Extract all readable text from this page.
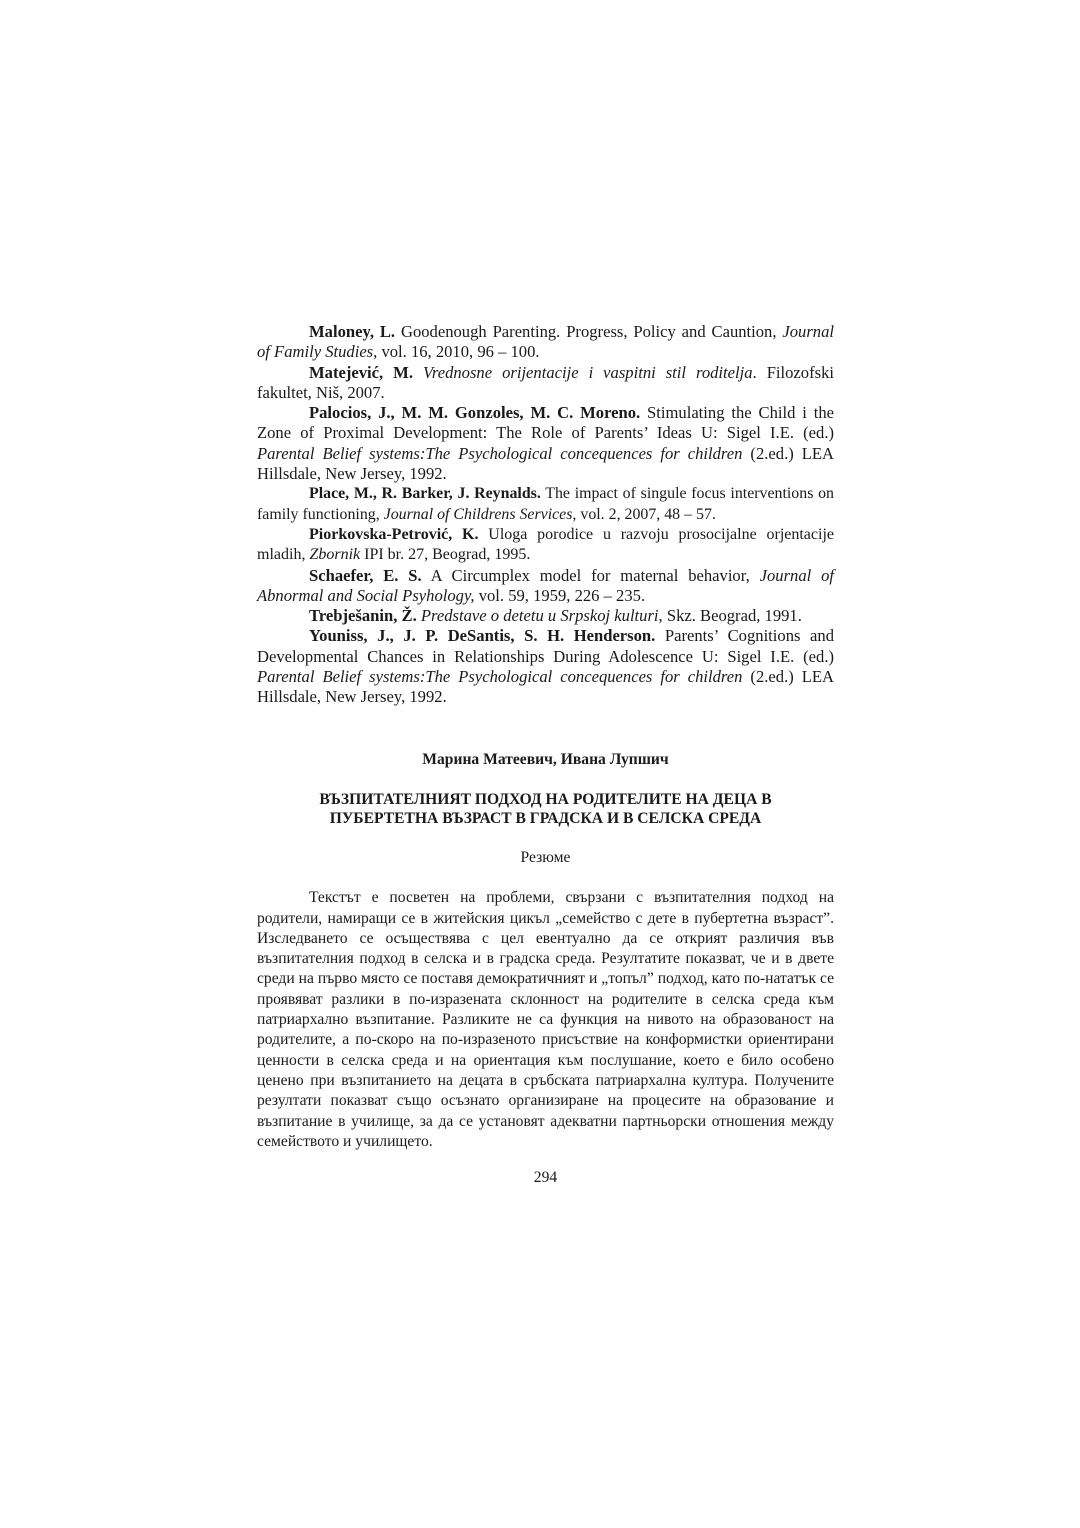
Maloney, L. Goodenough Parenting. Progress, Policy and Cauntion, Journal of Family Studies, vol. 16, 2010, 96 – 100.

Matejević, M. Vrednosne orijentacije i vaspitni stil roditelja. Filozofski fakultet, Niš, 2007.

Palocios, J., M. M. Gonzoles, M. C. Moreno. Stimulating the Child i the Zone of Proximal Development: The Role of Parents’ Ideas U: Sigel I.E. (ed.) Parental Belief systems:The Psychological concequences for children (2.ed.) LEA Hillsdale, New Jersey, 1992.

Place, M., R. Barker, J. Reynalds. The impact of singule focus interventions on family functioning, Journal of Childrens Services, vol. 2, 2007, 48 – 57.

Piorkovska-Petrović, K. Uloga porodice u razvoju prosocijalne orjentacije mladih, Zbornik IPI br. 27, Beograd, 1995.

Schaefer, E. S. A Circumplex model for maternal behavior, Journal of Abnormal and Social Psyhology, vol. 59, 1959, 226 – 235.

Trebješanin, Ž. Predstave o detetu u Srpskoj kulturi, Skz. Beograd, 1991.

Youniss, J., J. P. DeSantis, S. H. Henderson. Parents’ Cognitions and Developmental Chances in Relationships During Adolescence U: Sigel I.E. (ed.) Parental Belief systems:The Psychological concequences for children (2.ed.) LEA Hillsdale, New Jersey, 1992.

Марина Матеевич, Ивана Лупшич
ВЪЗПИТАТЕЛНИЯТ ПОДХОД НА РОДИТЕЛИТЕ НА ДЕЦА В
ПУБЕРТЕТНА ВЪЗРАСТ В ГРАДСКА И В СЕЛСКА СРЕДА
Резюме

Текстът е посветен на проблеми, свързани с възпитателния подход на родители, намиращи се в житейския цикъл „семейство с дете в пубертетна възраст”. Изследването се осъществява с цел евентуално да се открият различия във възпитателния подход в селска и в градска среда. Резултатите показват, че и в двете среди на първо място се поставя демократичният и „топъл” подход, като по-нататък се проявяват разлики в по-изразената склонност на родителите в селска среда към патриархално възпитание. Разликите не са функция на нивото на образованост на родителите, а по-скоро на по-изразеното присъствие на конформистки ориентирани ценности в селска среда и на ориентация към послушание, което е било особено ценено при възпитанието на децата в сръбската патриархална култура. Получените резултати показват също осъзнато организиране на процесите на образование и възпитание в училище, за да се установят адекватни партньорски отношения между семейството и училището.

294
